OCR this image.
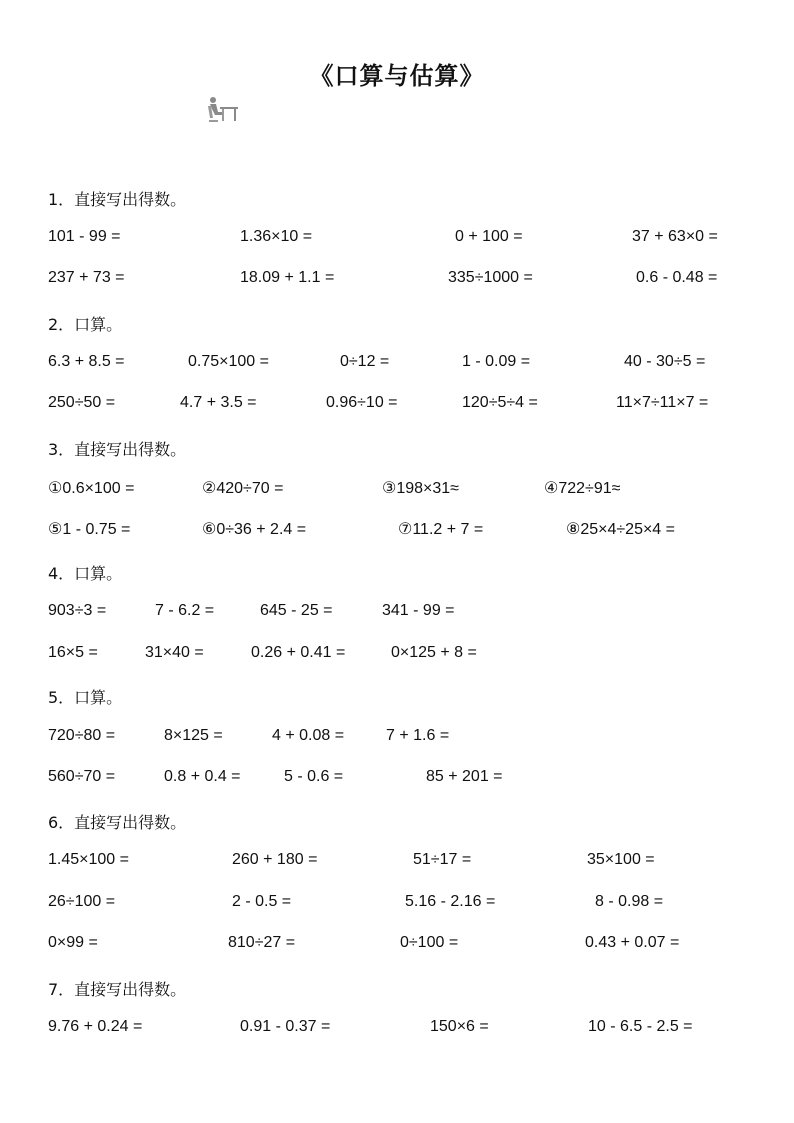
《口算与估算》
1．直接写出得数。
101 - 99 =	1.36×10 =	0 + 100 =	37 + 63×0 =
237 + 73 =	18.09 + 1.1 =	335÷1000 =	0.6 - 0.48 =
2．口算。
6.3 + 8.5 =	0.75×100 =	0÷12 =	1 - 0.09 =	40 - 30÷5 =
250÷50 =	4.7 + 3.5 =	0.96÷10 =	120÷5÷4 =	11×7÷11×7 =
3．直接写出得数。
①0.6×100 =	②420÷70 =	③198×31≈	④722÷91≈
⑤1 - 0.75 =	⑥0÷36 + 2.4 =	⑦11.2 + 7 =	⑧25×4÷25×4 =
4．口算。
903÷3 =	7 - 6.2 =	645 - 25 =	341 - 99 =
16×5 =	31×40 =	0.26 + 0.41 =	0×125 + 8 =
5．口算。
720÷80 =	8×125 =	4 + 0.08 =	7 + 1.6 =
560÷70 =	0.8 + 0.4 =	5 - 0.6 =	85 + 201 =
6．直接写出得数。
1.45×100 =	260 + 180 =	51÷17 =	35×100 =
26÷100 =	2 - 0.5 =	5.16 - 2.16 =	8 - 0.98 =
0×99 =	810÷27 =	0÷100 =	0.43 + 0.07 =
7．直接写出得数。
9.76 + 0.24 =	0.91 - 0.37 =	150×6 =	10 - 6.5 - 2.5 =
